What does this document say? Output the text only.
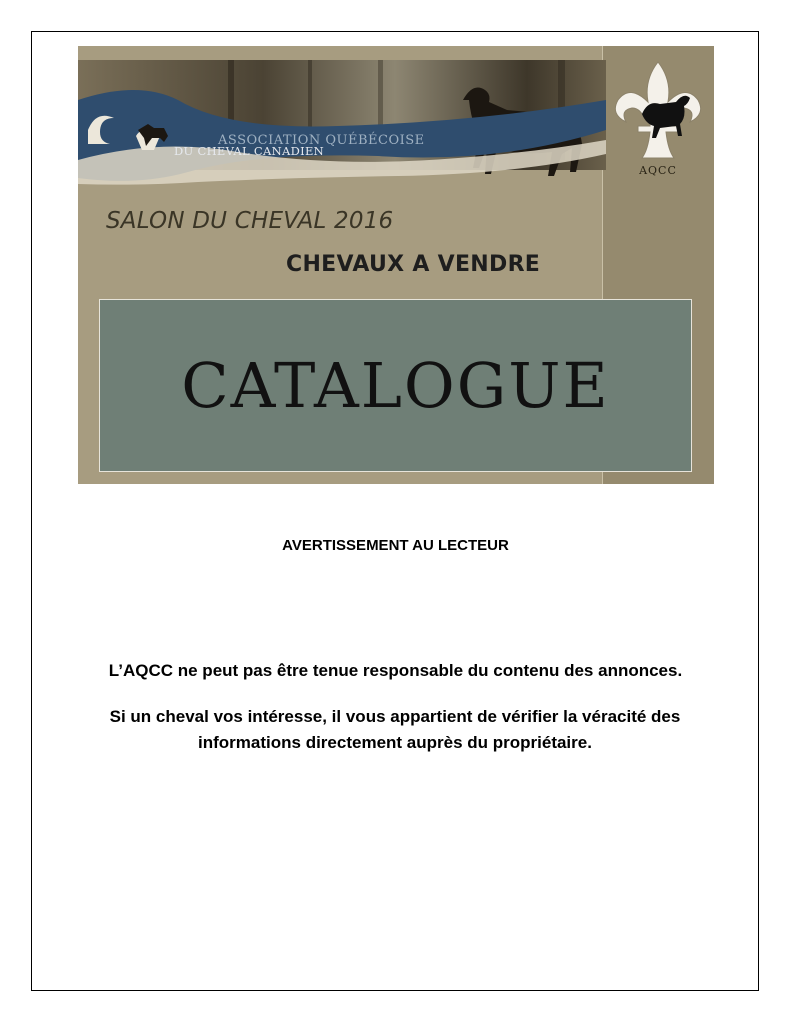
ASSOCIATION QUÉBÉCOISE
DU CHEVAL CANADIEN
AQCC
SALON DU CHEVAL 2016
CHEVAUX A VENDRE
CATALOGUE
AVERTISSEMENT AU LECTEUR
L’AQCC ne peut pas être tenue responsable du contenu des annonces.
Si un cheval vos intéresse, il vous appartient de vérifier la véracité des informations directement auprès du propriétaire.
